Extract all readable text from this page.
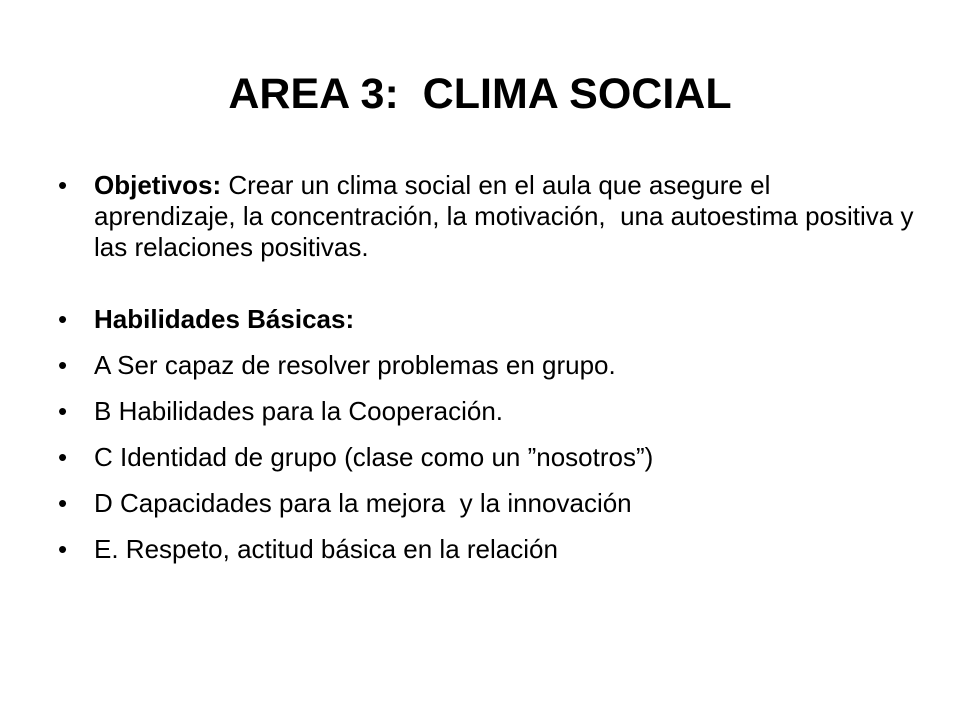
AREA 3:  CLIMA SOCIAL
•	Objetivos: Crear un clima social en el aula que asegure el aprendizaje, la concentración, la motivación,  una autoestima positiva y las relaciones positivas.
•	Habilidades Básicas:
•	A Ser capaz de resolver problemas en grupo.
•	B Habilidades para la Cooperación.
•	C Identidad de grupo (clase como un ”nosotros”)
•	D Capacidades para la mejora  y la innovación
•	E. Respeto, actitud básica en la relación
